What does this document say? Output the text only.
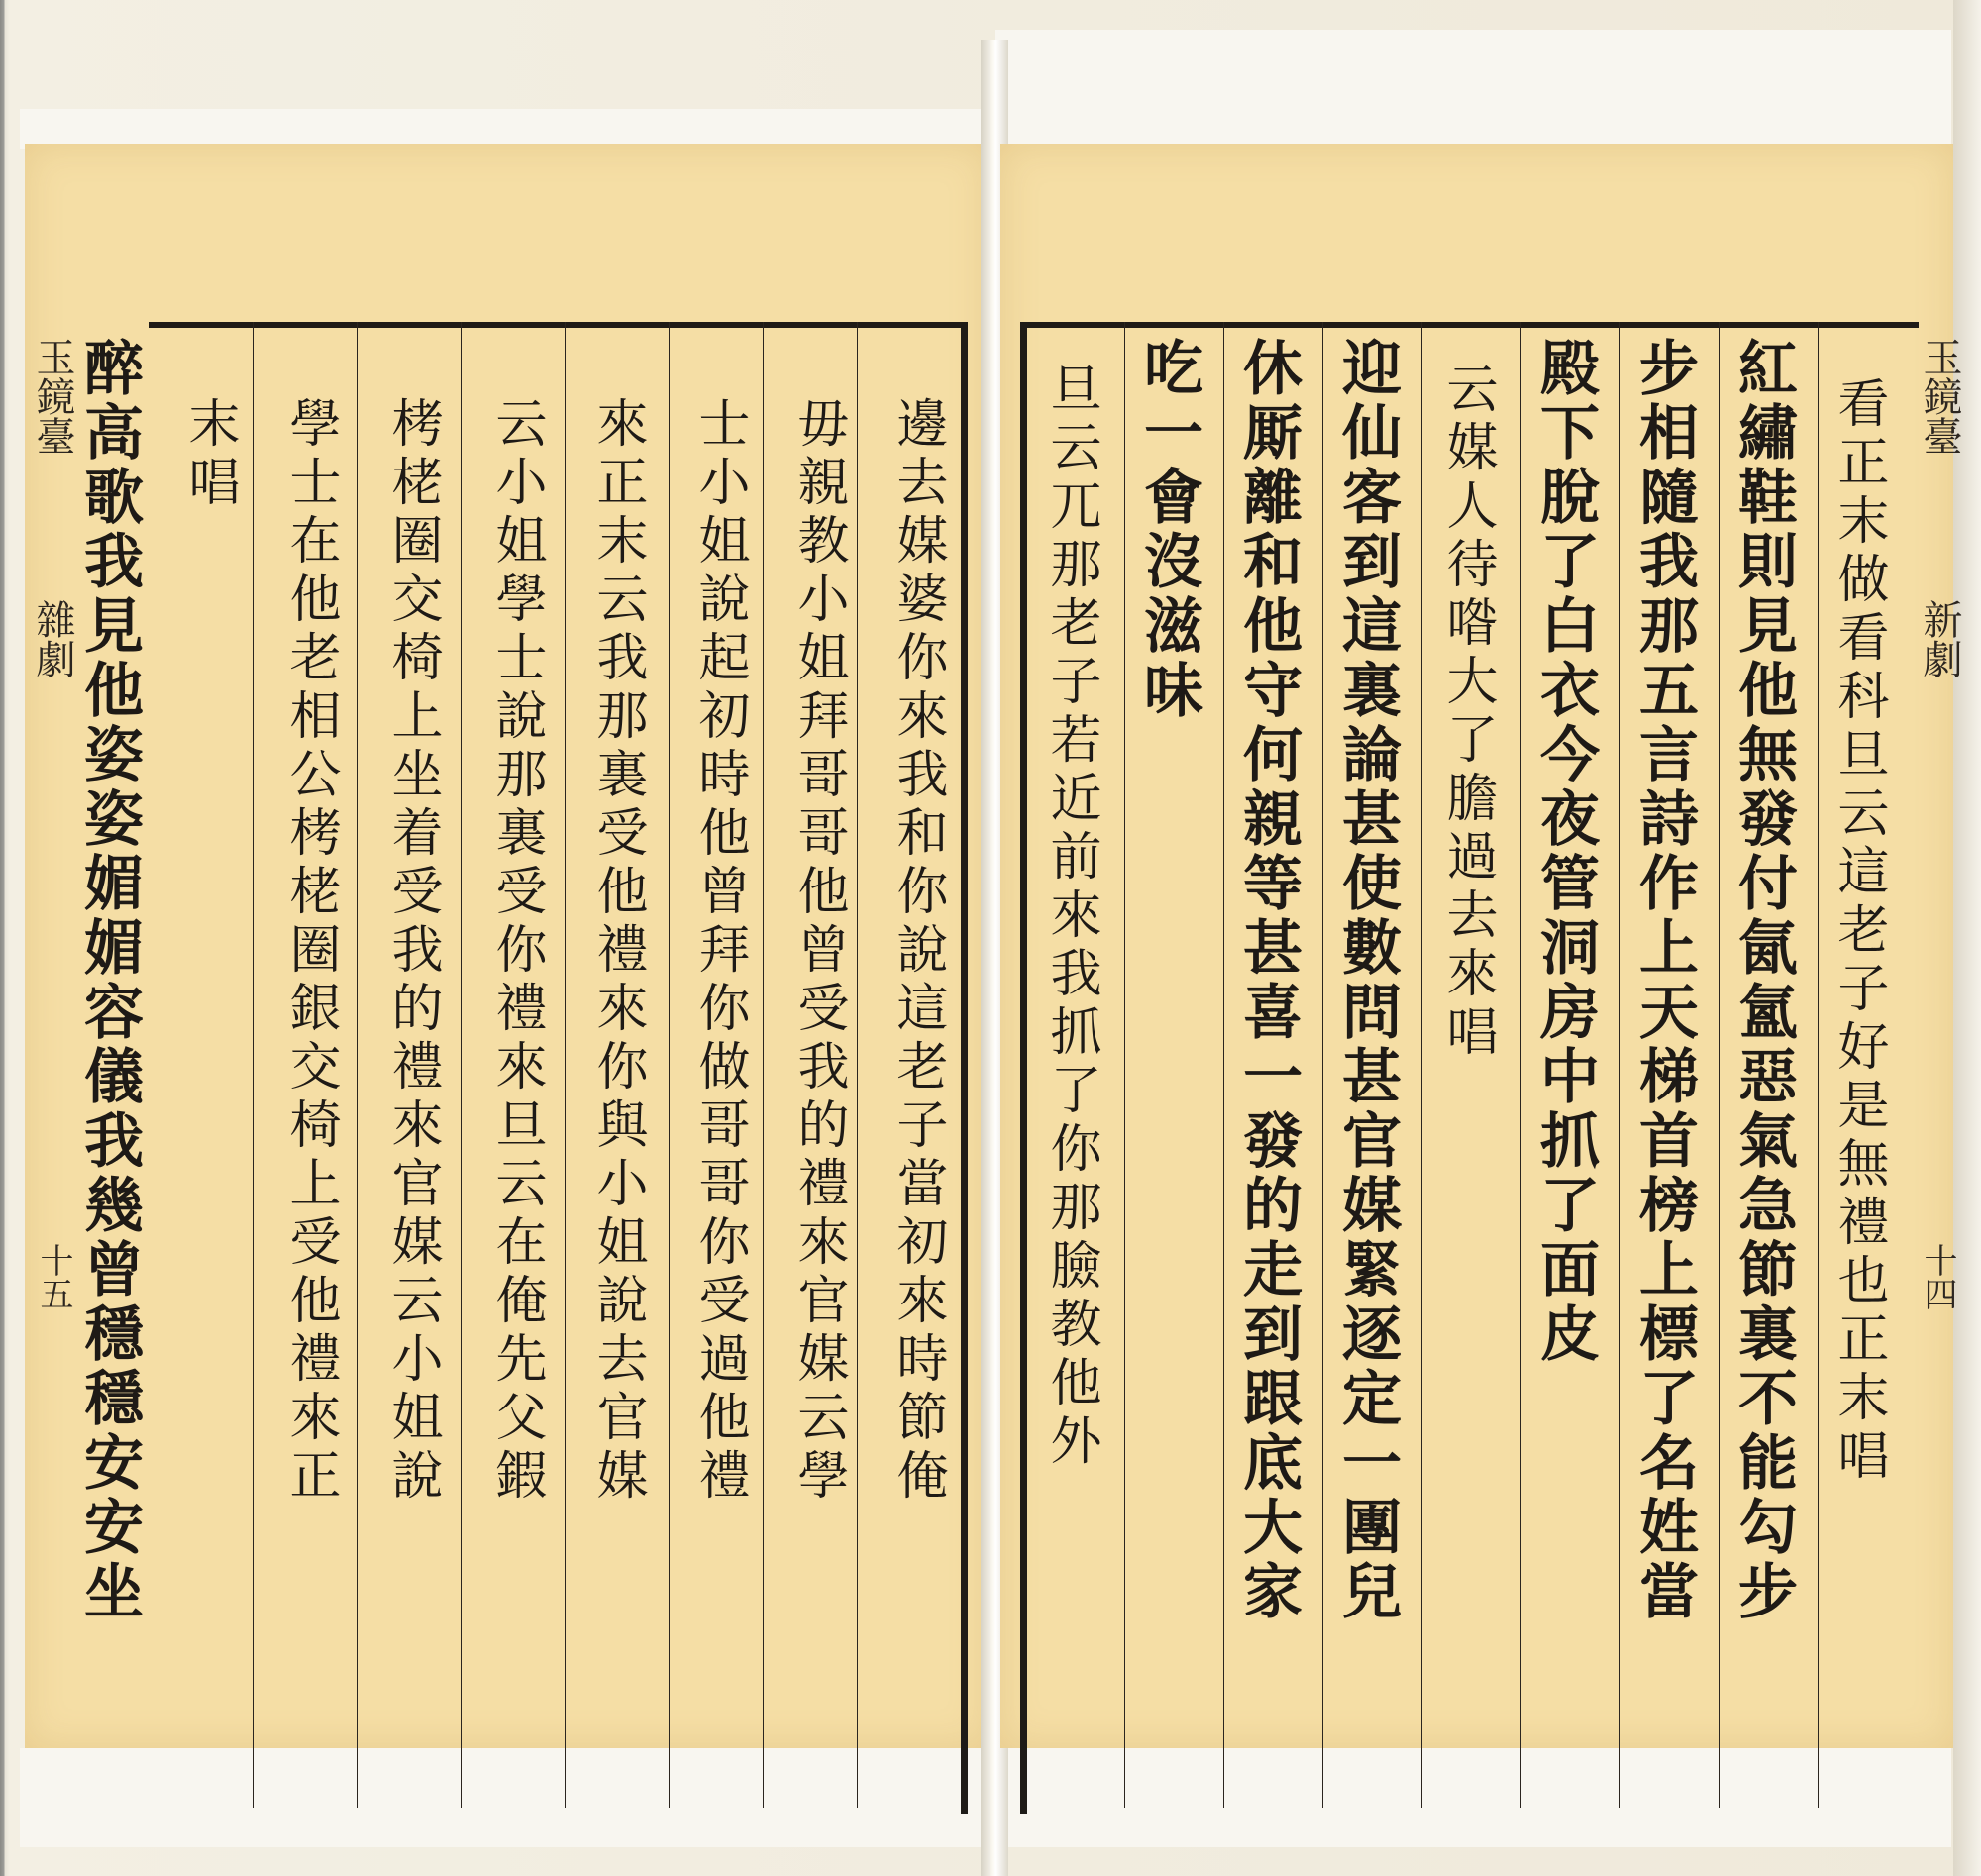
邊去媒婆你來我和你說這老子當初來時節俺
毋親教小姐拜哥哥他曾受我的禮來官媒云學
士小姐說起初時他曾拜你做哥哥你受過他禮
來正末云我那裏受他禮來你與小姐說去官媒
云小姐學士說那裏受你禮來旦云在俺先父鍜
栲栳圈交椅上坐着受我的禮來官媒云小姐說
學士在他老相公栲栳圈銀交椅上受他禮來正
末唱
醉高歌我見他姿姿媚媚容儀我幾曾穩穩安安坐
玉鏡臺
雜劇
十五	看正末做看科旦云這老子好是無禮也正末唱
紅繡鞋則見他無發付氤氳惡氣急節裏不能勾步
步相隨我那五言詩作上天梯首榜上標了名姓當
殿下脫了白衣今夜管洞房中抓了面皮
云媒人待喒大了膽過去來唱
迎仙客到這裏論甚使數問甚官媒緊逐定一團兒
休厮離和他守何親等甚喜一發的走到跟底大家
吃一會沒滋味
旦云兀那老子若近前來我抓了你那臉教他外	玉鏡臺
新劇
十四
